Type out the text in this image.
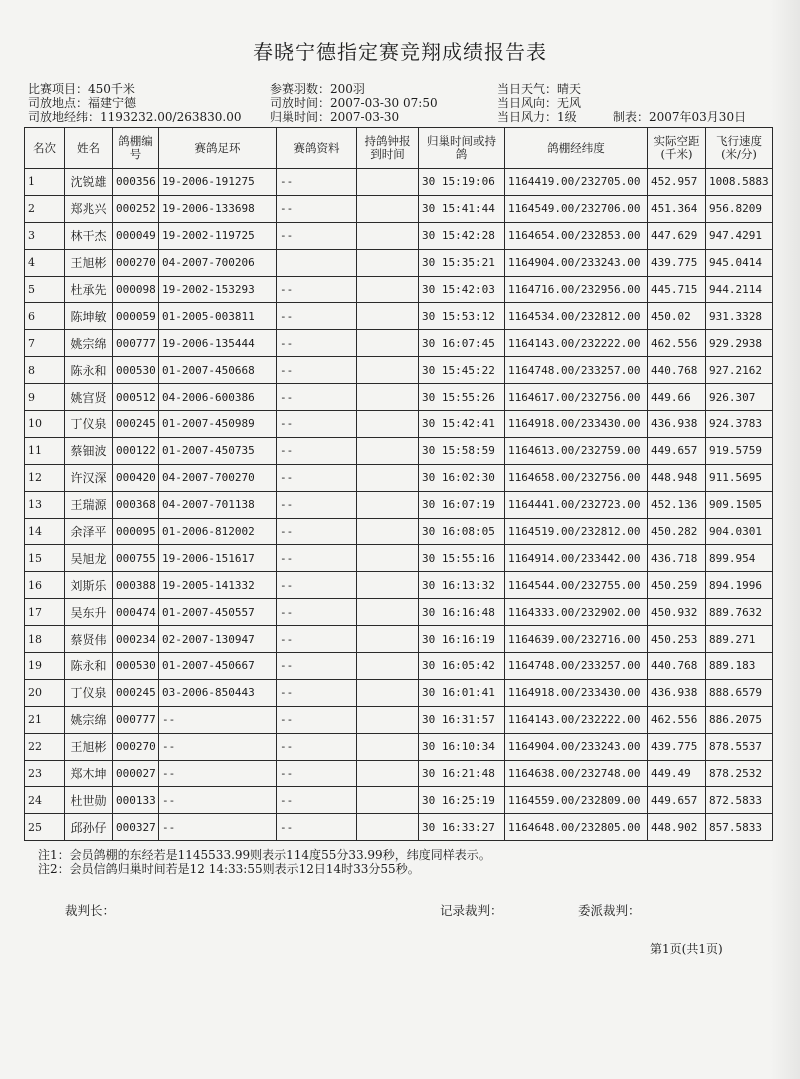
春晓宁德指定赛竞翔成绩报告表
比赛项目：450千米
司放地点：福建宁德
司放地经纬：1193232.00/263830.00
参赛羽数：200羽
司放时间：2007-03-30 07:50
归巢时间：2007-03-30
当日天气：晴天
当日风向：无风
当日风力：1级	制表：2007年03月30日
名次	姓名	鸽棚编号	赛鸽足环	赛鸽资料	持鸽钟报到时间	归巢时间或持鸽	鸽棚经纬度	实际空距(千米)	飞行速度(米/分)
1	沈锐雄	000356	19-2006-191275	--		30 15:19:06	1164419.00/232705.00	452.957	1008.5883
2	郑兆兴	000252	19-2006-133698	--		30 15:41:44	1164549.00/232706.00	451.364	956.8209
3	林干杰	000049	19-2002-119725	--		30 15:42:28	1164654.00/232853.00	447.629	947.4291
4	王旭彬	000270	04-2007-700206			30 15:35:21	1164904.00/233243.00	439.775	945.0414
5	杜承先	000098	19-2002-153293	--		30 15:42:03	1164716.00/232956.00	445.715	944.2114
6	陈坤敏	000059	01-2005-003811	--		30 15:53:12	1164534.00/232812.00	450.02	931.3328
7	姚宗绵	000777	19-2006-135444	--		30 16:07:45	1164143.00/232222.00	462.556	929.2938
8	陈永和	000530	01-2007-450668	--		30 15:45:22	1164748.00/233257.00	440.768	927.2162
9	姚宫贤	000512	04-2006-600386	--		30 15:55:26	1164617.00/232756.00	449.66	926.307
10	丁仪泉	000245	01-2007-450989	--		30 15:42:41	1164918.00/233430.00	436.938	924.3783
11	蔡钿波	000122	01-2007-450735	--		30 15:58:59	1164613.00/232759.00	449.657	919.5759
12	许汉深	000420	04-2007-700270	--		30 16:02:30	1164658.00/232756.00	448.948	911.5695
13	王瑞源	000368	04-2007-701138	--		30 16:07:19	1164441.00/232723.00	452.136	909.1505
14	余泽平	000095	01-2006-812002	--		30 16:08:05	1164519.00/232812.00	450.282	904.0301
15	吴旭龙	000755	19-2006-151617	--		30 15:55:16	1164914.00/233442.00	436.718	899.954
16	刘斯乐	000388	19-2005-141332	--		30 16:13:32	1164544.00/232755.00	450.259	894.1996
17	吴东升	000474	01-2007-450557	--		30 16:16:48	1164333.00/232902.00	450.932	889.7632
18	蔡贤伟	000234	02-2007-130947	--		30 16:16:19	1164639.00/232716.00	450.253	889.271
19	陈永和	000530	01-2007-450667	--		30 16:05:42	1164748.00/233257.00	440.768	889.183
20	丁仪泉	000245	03-2006-850443	--		30 16:01:41	1164918.00/233430.00	436.938	888.6579
21	姚宗绵	000777	--	--		30 16:31:57	1164143.00/232222.00	462.556	886.2075
22	王旭彬	000270	--	--		30 16:10:34	1164904.00/233243.00	439.775	878.5537
23	郑木坤	000027	--	--		30 16:21:48	1164638.00/232748.00	449.49	878.2532
24	杜世勋	000133	--	--		30 16:25:19	1164559.00/232809.00	449.657	872.5833
25	邱孙仔	000327	--	--		30 16:33:27	1164648.00/232805.00	448.902	857.5833
注1：会员鸽棚的东经若是1145533.99则表示114度55分33.99秒，纬度同样表示。
注2：会员信鸽归巢时间若是12 14:33:55则表示12日14时33分55秒。
裁判长：	记录裁判：	委派裁判：
第1页(共1页)
